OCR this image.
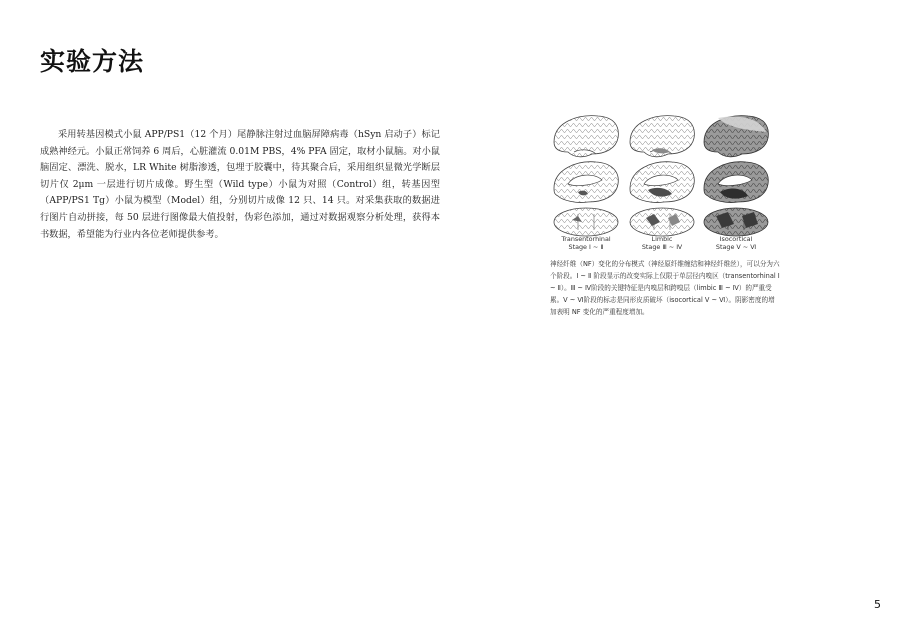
实验方法

采用转基因模式小鼠 APP/PS1（12 个月）尾静脉注射过血脑屏障病毒（hSyn 启动子）标记成熟神经元。小鼠正常饲养 6 周后，心脏灌流 0.01M PBS，4% PFA 固定，取材小鼠脑。对小鼠脑固定、漂洗、脱水，LR White 树脂渗透，包埋于胶囊中，待其聚合后，采用组织显微光学断层切片仅 2μm 一层进行切片成像。野生型（Wild type）小鼠为对照（Control）组，转基因型（APP/PS1 Tg）小鼠为模型（Model）组，分别切片成像 12 只、14 只。对采集获取的数据进行图片自动拼接，每 50 层进行图像最大值投射，伪彩色添加，通过对数据观察分析处理，获得本书数据，希望能为行业内各位老师提供参考。	Transentorhinal
Stage Ⅰ ~ Ⅱ
Limbic
Stage Ⅲ ~ Ⅳ
Isocortical
Stage Ⅴ ~ Ⅵ

神经纤维（NF）变化的分布模式（神经原纤维缠结和神经纤维丝），可以分为六个阶段。Ⅰ ~ Ⅱ 阶段显示的改变实际上仅限于单层径内嗅区（transentorhinal Ⅰ ~ Ⅱ）。Ⅲ ~ Ⅳ阶段的关键特征是内嗅层和跨嗅层（limbic Ⅲ ~ Ⅳ）的严重受累。Ⅴ ~ Ⅵ阶段的标志是同形皮质破坏（isocortical Ⅴ ~ Ⅵ）。阴影密度的增加表明 NF 变化的严重程度增加。

5
